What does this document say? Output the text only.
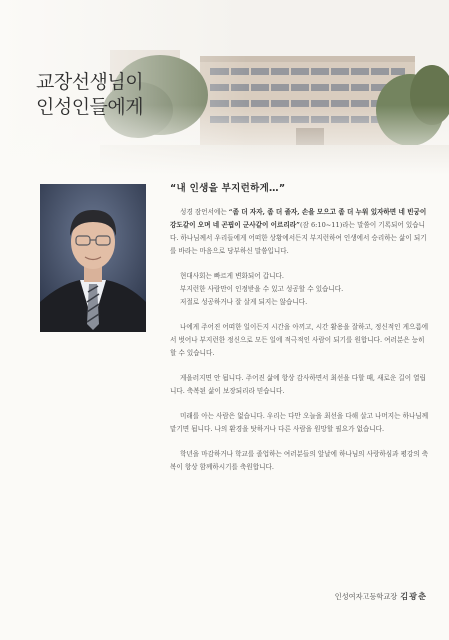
교장선생님이
인성인들에게
“내 인생을 부지런하게…”

성경 잠언서에는 “좀 더 자자, 좀 더 졸자, 손을 모으고 좀 더 누워 있자하면 네 빈궁이 강도같이 오며 네 곤핍이 군사같이 이르리라”(잠 6:10~11)라는 말씀이 기록되어 있습니다. 하나님께서 우리들에게 어떠한 상황에서든지 부지런하여 인생에서 승리하는 삶이 되기를 바라는 마음으로 당부하신 말씀입니다.

현대사회는 빠르게 변화되어 갑니다.

부지런한 사람만이 인정받을 수 있고 성공할 수 있습니다.

저절로 성공하거나 잘 살게 되지는 않습니다.

나에게 주어진 어떠한 일이든지 시간을 아끼고, 시간 활용을 잘하고, 정신적인 게으름에서 벗어나 부지런한 정신으로 모든 일에 적극적인 사람이 되기를 원합니다. 여러분은 능히 할 수 있습니다.

게을러지면 안 됩니다. 주어진 삶에 항상 감사하면서 최선을 다할 때, 새로운 길이 열립니다. 축복된 삶이 보장되리라 믿습니다.

미래를 아는 사람은 없습니다. 우리는 다만 오늘을 최선을 다해 살고 나머지는 하나님께 맡기면 됩니다. 나의 환경을 탓하거나 다른 사람을 원망할 필요가 없습니다.

학년을 마감하거나 학교를 졸업하는 여러분들의 앞날에 하나님의 사랑하심과 평강의 축복이 항상 함께하시기를 축원합니다.

인성여자고등학교장 김광춘
